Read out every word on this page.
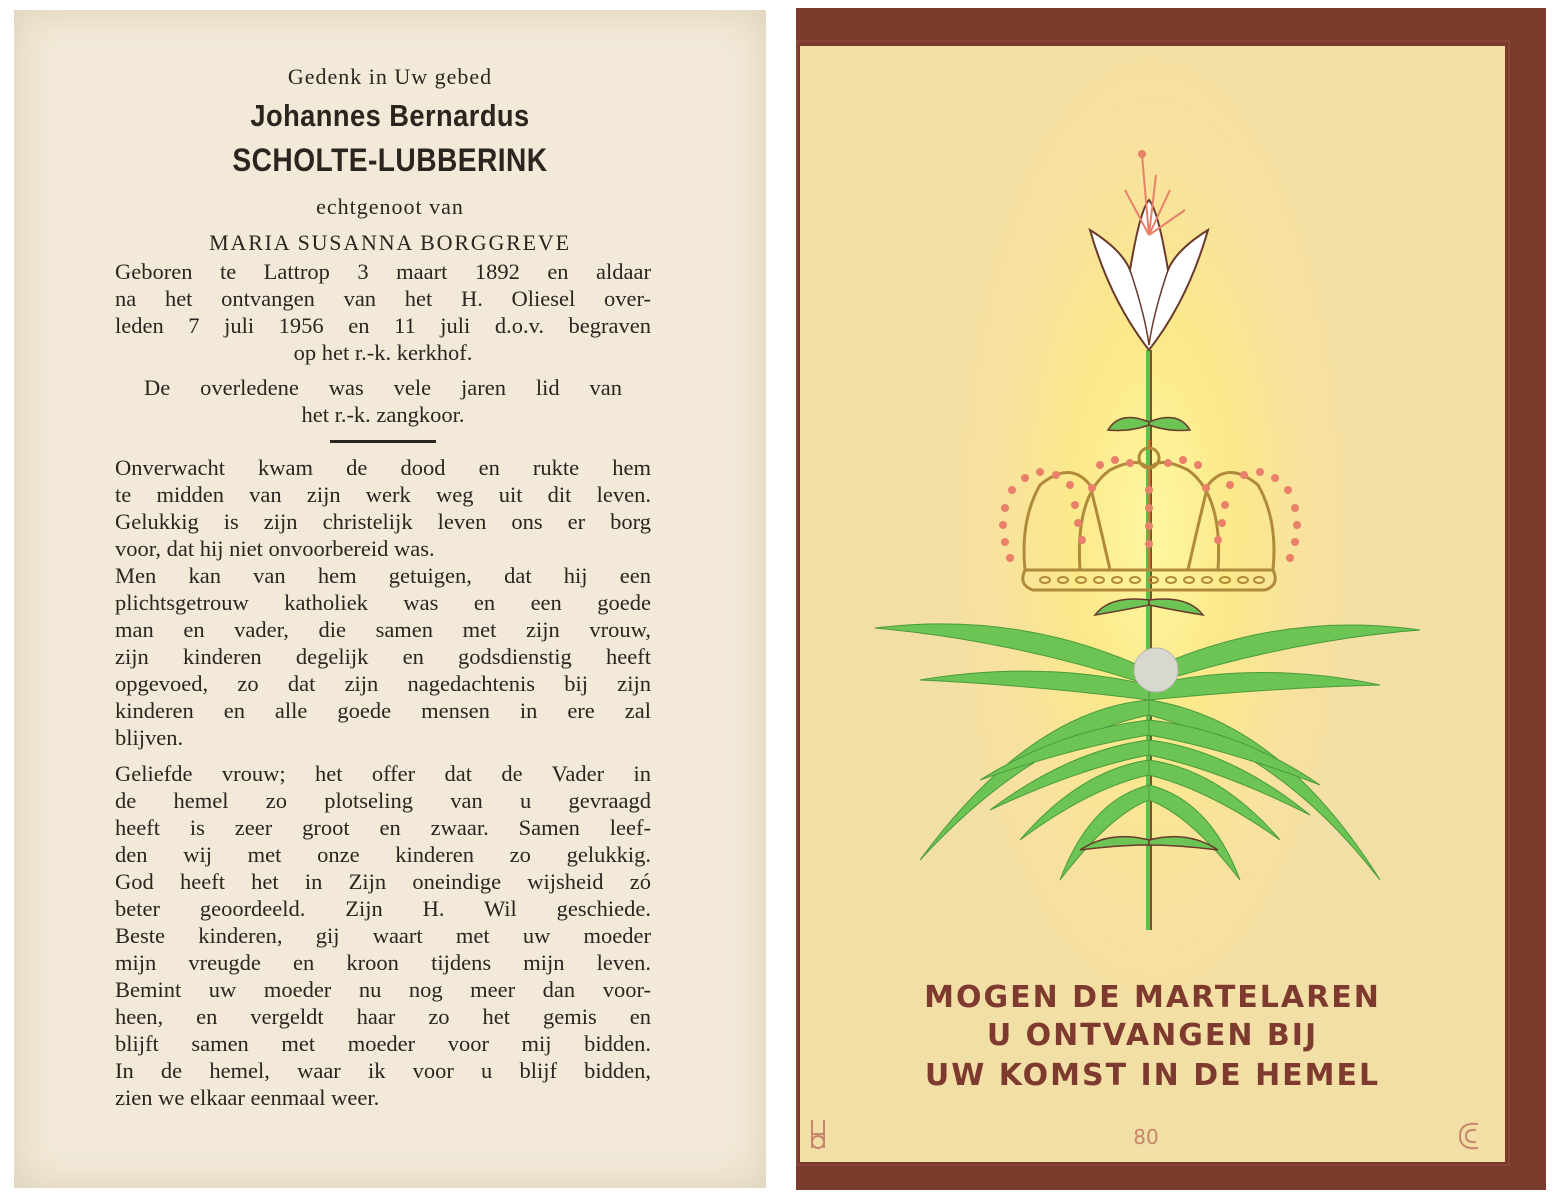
Gedenk in Uw gebed
Johannes Bernardus
SCHOLTE-LUBBERINK
echtgenoot van
MARIA SUSANNA BORGGREVE
Geboren te Lattrop 3 maart 1892 en aldaar
na het ontvangen van het H. Oliesel over-
leden 7 juli 1956 en 11 juli d.o.v. begraven
op het r.-k. kerkhof.
De overledene was vele jaren lid van
het r.-k. zangkoor.
Onverwacht kwam de dood en rukte hem
te midden van zijn werk weg uit dit leven.
Gelukkig is zijn christelijk leven ons er borg
voor, dat hij niet onvoorbereid was.
Men kan van hem getuigen, dat hij een
plichtsgetrouw katholiek was en een goede
man en vader, die samen met zijn vrouw,
zijn kinderen degelijk en godsdienstig heeft
opgevoed, zo dat zijn nagedachtenis bij zijn
kinderen en alle goede mensen in ere zal
blijven.
Geliefde vrouw; het offer dat de Vader in
de hemel zo plotseling van u gevraagd
heeft is zeer groot en zwaar. Samen leef-
den wij met onze kinderen zo gelukkig.
God heeft het in Zijn oneindige wijsheid zó
beter geoordeeld. Zijn H. Wil geschiede.
Beste kinderen, gij waart met uw moeder
mijn vreugde en kroon tijdens mijn leven.
Bemint uw moeder nu nog meer dan voor-
heen, en vergeldt haar zo het gemis en
blijft samen met moeder voor mij bidden.
In de hemel, waar ik voor u blijf bidden,
zien we elkaar eenmaal weer.
MOGEN DE MARTELAREN
U ONTVANGEN BIJ
UW KOMST IN DE HEMEL
80
